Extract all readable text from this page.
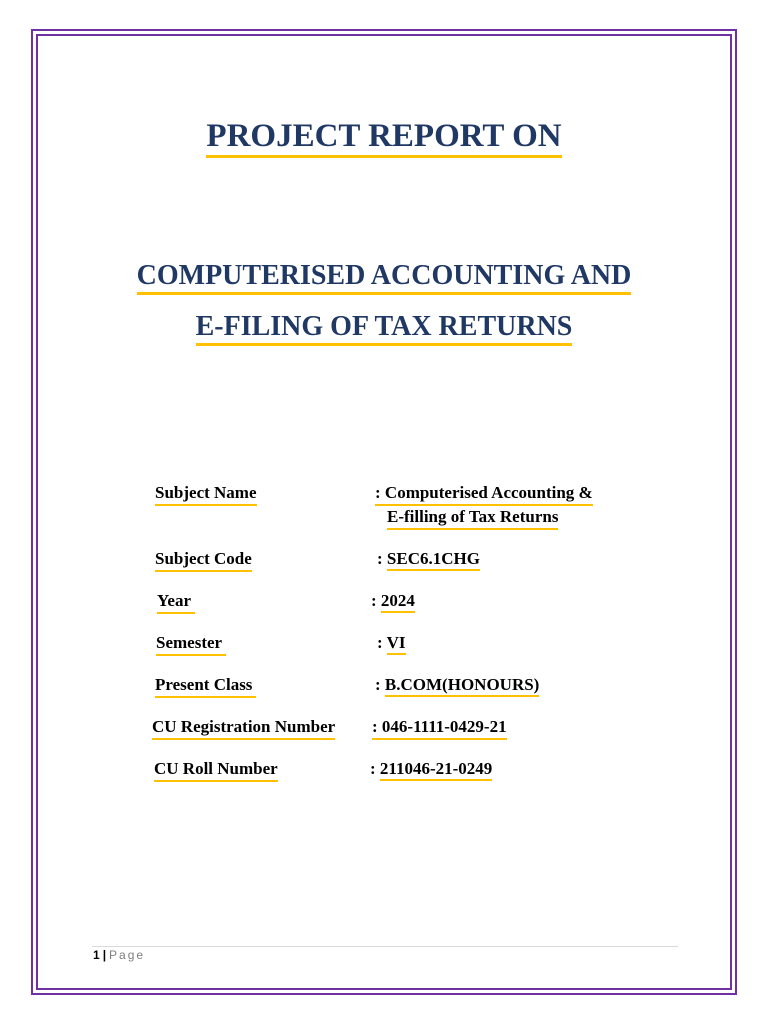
PROJECT REPORT ON
COMPUTERISED ACCOUNTING AND
E-FILING OF TAX RETURNS
Subject Name	: Computerised Accounting &
E-filling of Tax Returns
Subject Code	: SEC6.1CHG
Year	: 2024
Semester	: VI
Present Class	: B.COM(HONOURS)
CU Registration Number : 046-1111-0429-21
CU Roll Number	: 211046-21-0249
1 | Page
